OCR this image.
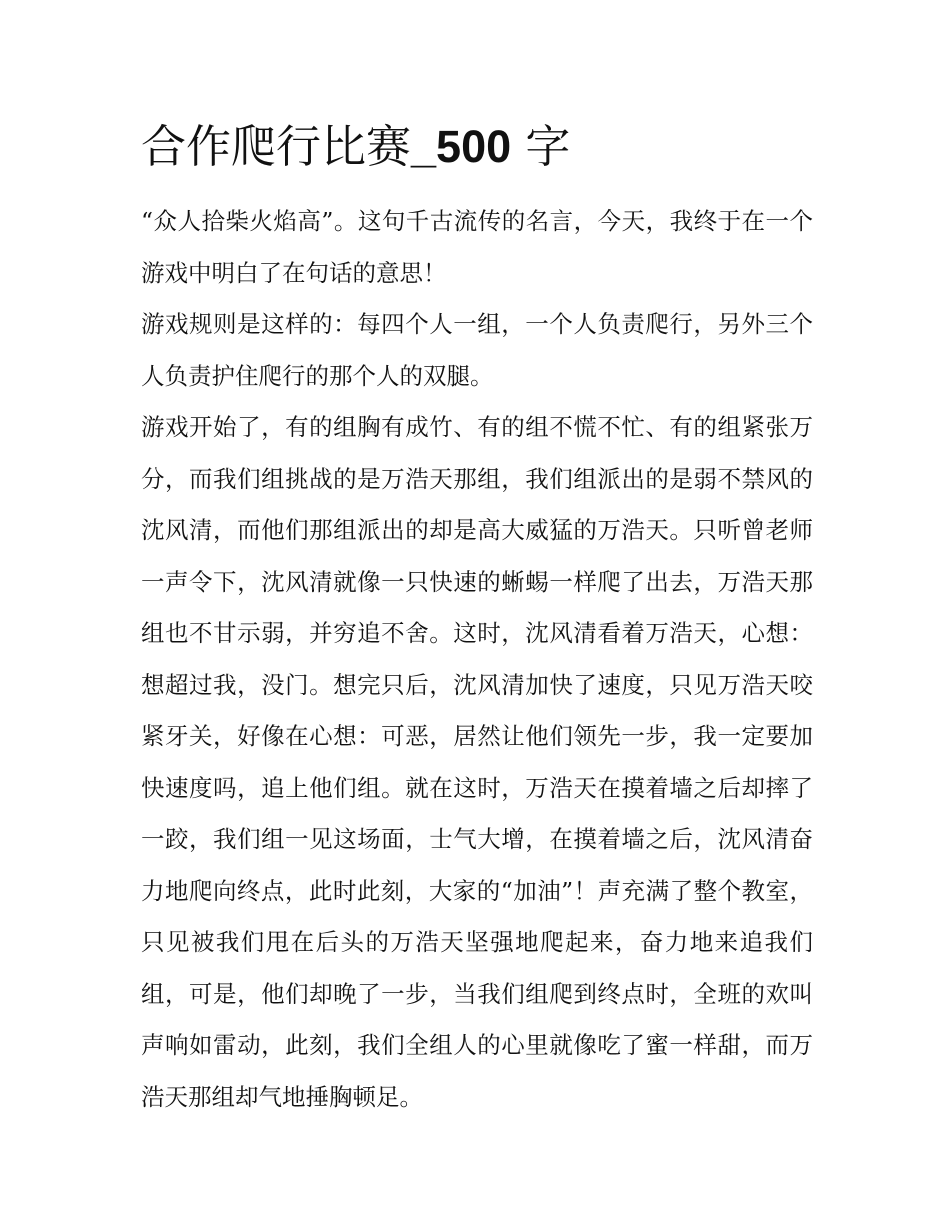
合作爬行比赛_500 字

“众人拾柴火焰高”。这句千古流传的名言，今天，我终于在一个游戏中明白了在句话的意思！

游戏规则是这样的：每四个人一组，一个人负责爬行，另外三个人负责护住爬行的那个人的双腿。

游戏开始了，有的组胸有成竹、有的组不慌不忙、有的组紧张万分，而我们组挑战的是万浩天那组，我们组派出的是弱不禁风的沈风清，而他们那组派出的却是高大威猛的万浩天。只听曾老师一声令下，沈风清就像一只快速的蜥蜴一样爬了出去，万浩天那组也不甘示弱，并穷追不舍。这时，沈风清看着万浩天，心想：想超过我，没门。想完只后，沈风清加快了速度，只见万浩天咬紧牙关，好像在心想：可恶，居然让他们领先一步，我一定要加快速度吗，追上他们组。就在这时，万浩天在摸着墙之后却摔了一跤，我们组一见这场面，士气大增，在摸着墙之后，沈风清奋力地爬向终点，此时此刻，大家的“加油”！声充满了整个教室，只见被我们甩在后头的万浩天坚强地爬起来，奋力地来追我们组，可是，他们却晚了一步，当我们组爬到终点时，全班的欢叫声响如雷动，此刻，我们全组人的心里就像吃了蜜一样甜，而万浩天那组却气地捶胸顿足。
